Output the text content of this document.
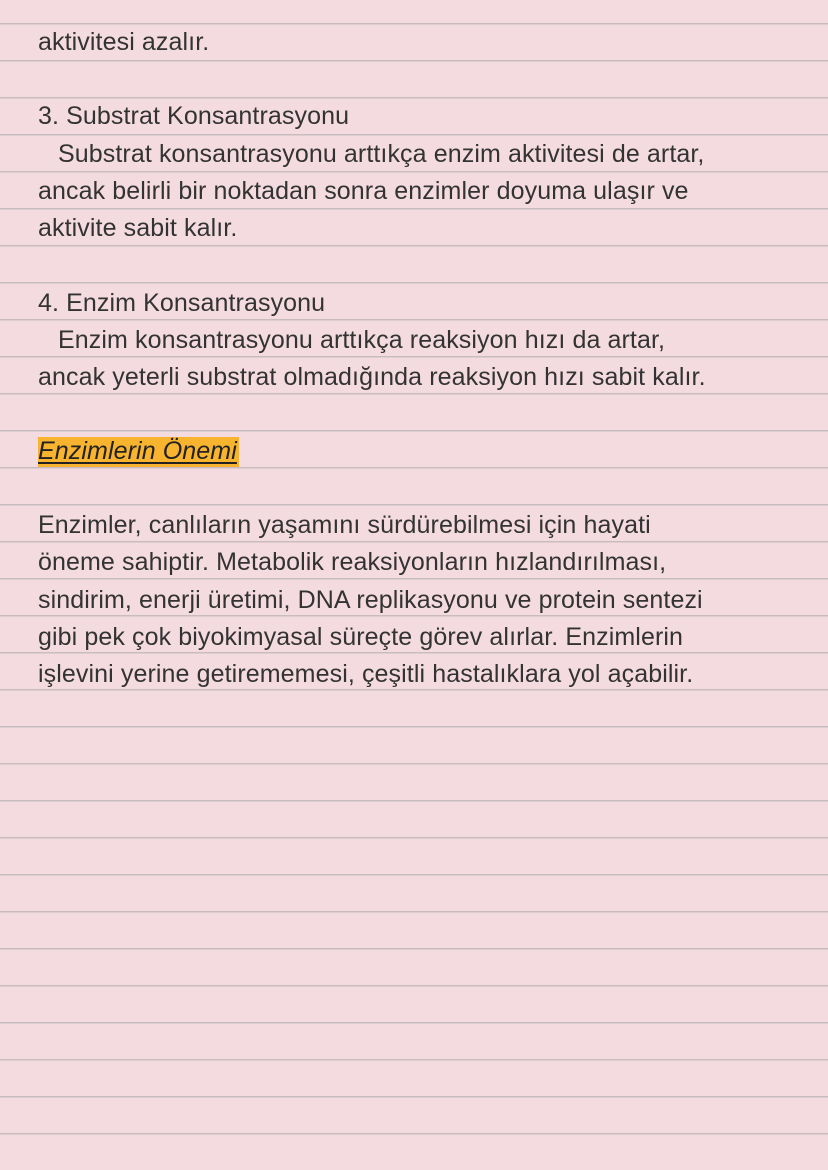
aktivitesi azalır.
3. Substrat Konsantrasyonu
Substrat konsantrasyonu arttıkça enzim aktivitesi de artar,
ancak belirli bir noktadan sonra enzimler doyuma ulaşır ve
aktivite sabit kalır.
4. Enzim Konsantrasyonu
Enzim konsantrasyonu arttıkça reaksiyon hızı da artar,
ancak yeterli substrat olmadığında reaksiyon hızı sabit kalır.
Enzimlerin Önemi
Enzimler, canlıların yaşamını sürdürebilmesi için hayati
öneme sahiptir. Metabolik reaksiyonların hızlandırılması,
sindirim, enerji üretimi, DNA replikasyonu ve protein sentezi
gibi pek çok biyokimyasal süreçte görev alırlar. Enzimlerin
işlevini yerine getirememesi, çeşitli hastalıklara yol açabilir.
